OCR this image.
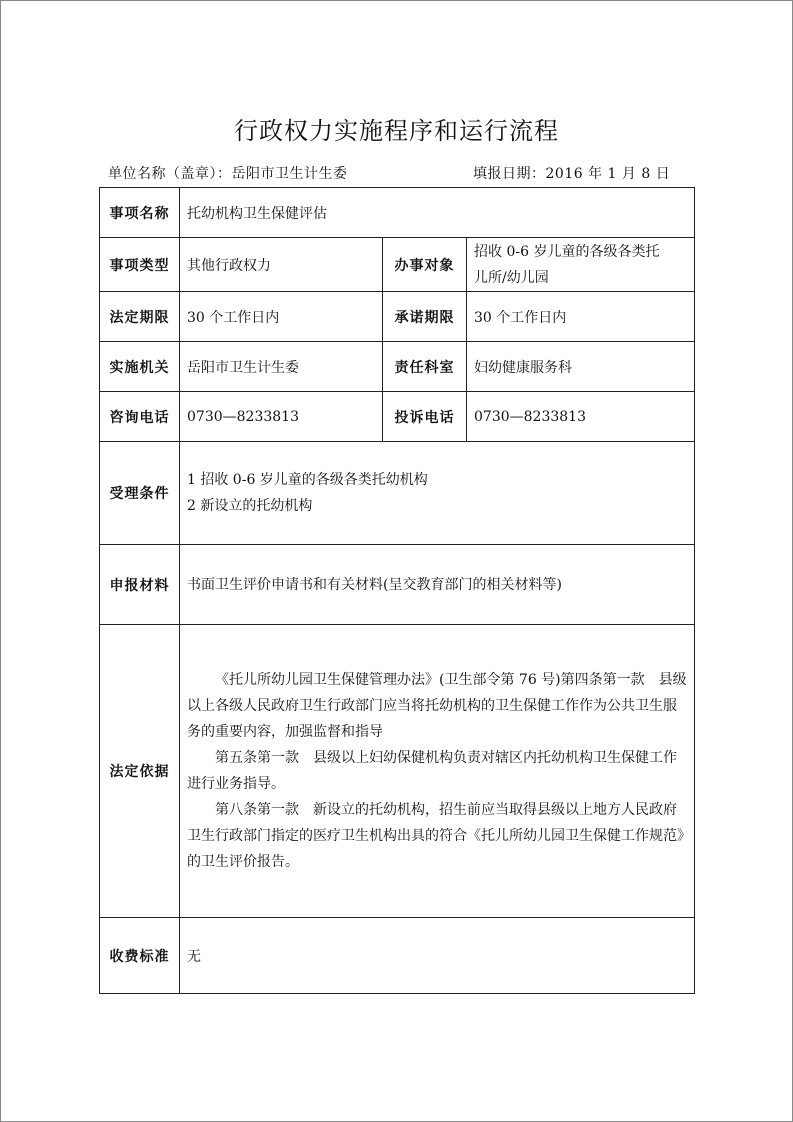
行政权力实施程序和运行流程
单位名称（盖章）：岳阳市卫生计生委	填报日期：2016 年 1 月 8 日
事项名称	托幼机构卫生保健评估		
事项类型	其他行政权力	办事对象	招收 0-6 岁儿童的各级各类托
儿所/幼儿园

法定期限	30 个工作日内	承诺期限	30 个工作日内
实施机关	岳阳市卫生计生委	责任科室	妇幼健康服务科
咨询电话	0730—8233813	投诉电话	0730—8233813
受理条件	1 招收 0-6 岁儿童的各级各类托幼机构
2 新设立的托幼机构		

申报材料	书面卫生评价申请书和有关材料(呈交教育部门的相关材料等)		

法定依据	《托儿所幼儿园卫生保健管理办法》(卫生部令第 76 号)第四条第一款　县级以上各级人民政府卫生行政部门应当将托幼机构的卫生保健工作作为公共卫生服务的重要内容，加强监督和指导
第五条第一款　县级以上妇幼保健机构负责对辖区内托幼机构卫生保健工作进行业务指导。
第八条第一款　新设立的托幼机构，招生前应当取得县级以上地方人民政府卫生行政部门指定的医疗卫生机构出具的符合《托儿所幼儿园卫生保健工作规范》的卫生评价报告。		

收费标准	无		
